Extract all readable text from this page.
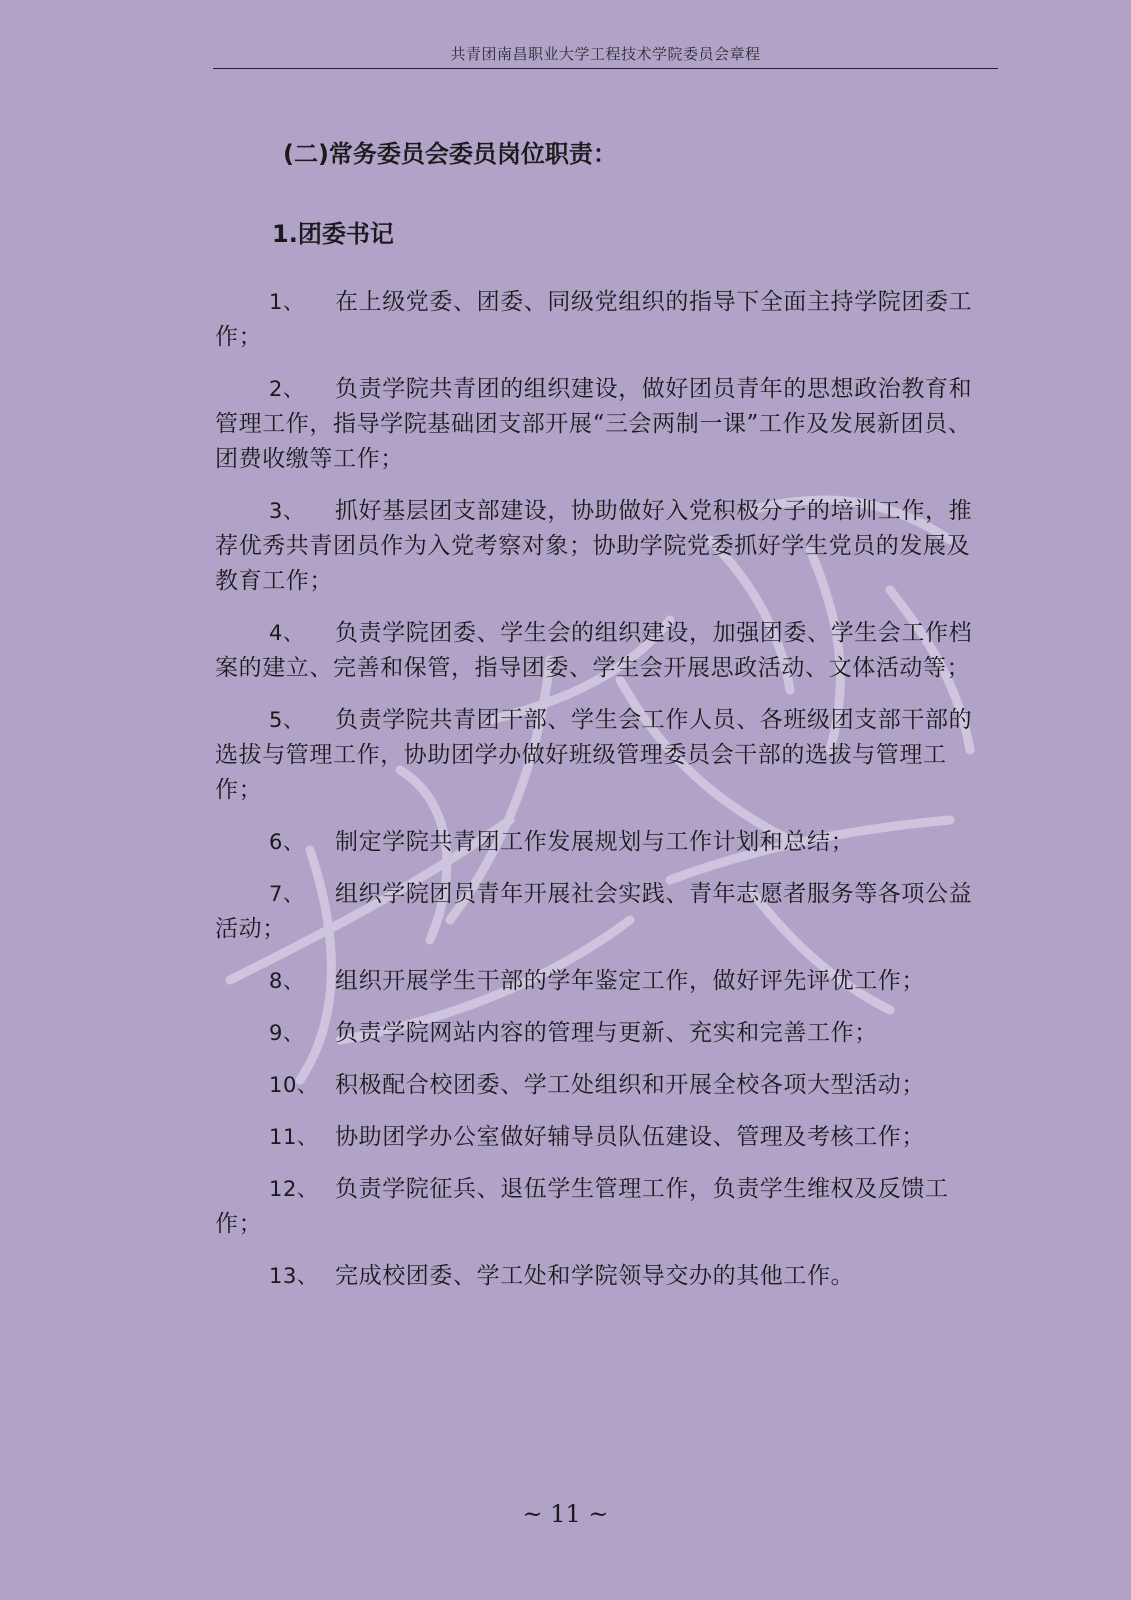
共青团南昌职业大学工程技术学院委员会章程
(二)常务委员会委员岗位职责：
1.团委书记
1、 在上级党委、团委、同级党组织的指导下全面主持学院团委工作；
2、 负责学院共青团的组织建设，做好团员青年的思想政治教育和管理工作，指导学院基础团支部开展“三会两制一课”工作及发展新团员、团费收缴等工作；
3、 抓好基层团支部建设，协助做好入党积极分子的培训工作，推荐优秀共青团员作为入党考察对象；协助学院党委抓好学生党员的发展及教育工作；
4、 负责学院团委、学生会的组织建设，加强团委、学生会工作档案的建立、完善和保管，指导团委、学生会开展思政活动、文体活动等；
5、 负责学院共青团干部、学生会工作人员、各班级团支部干部的选拔与管理工作，协助团学办做好班级管理委员会干部的选拔与管理工作；
6、 制定学院共青团工作发展规划与工作计划和总结；
7、 组织学院团员青年开展社会实践、青年志愿者服务等各项公益活动；
8、 组织开展学生干部的学年鉴定工作，做好评先评优工作；
9、 负责学院网站内容的管理与更新、充实和完善工作；
10、 积极配合校团委、学工处组织和开展全校各项大型活动；
11、 协助团学办公室做好辅导员队伍建设、管理及考核工作；
12、 负责学院征兵、退伍学生管理工作，负责学生维权及反馈工作；
13、 完成校团委、学工处和学院领导交办的其他工作。
~ 11 ~
